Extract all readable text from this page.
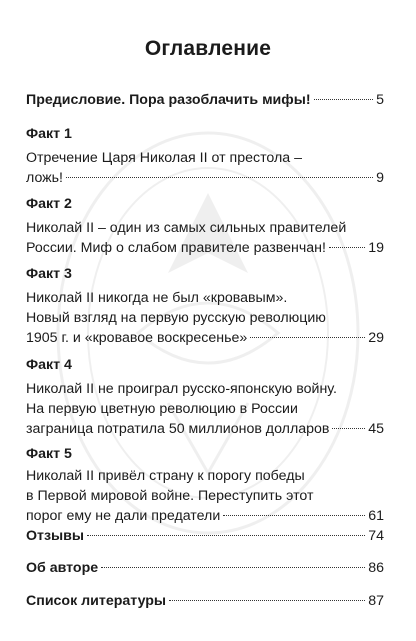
Оглавление
Предисловие. Пора разоблачить мифы!	5
Факт 1
Отречение Царя Николая II от престола –
ложь!	9
Факт 2
Николай II – один из самых сильных правителей
России. Миф о слабом правителе развенчан!	19
Факт 3
Николай II никогда не был «кровавым».
Новый взгляд на первую русскую революцию
1905 г. и «кровавое воскресенье»	29
Факт 4
Николай II не проиграл русско-японскую войну.
На первую цветную революцию в России
заграница потратила 50 миллионов долларов	45
Факт 5
Николай II привёл страну к порогу победы
в Первой мировой войне. Переступить этот
порог ему не дали предатели	61
Отзывы	74
Об авторе	86
Список литературы	87
